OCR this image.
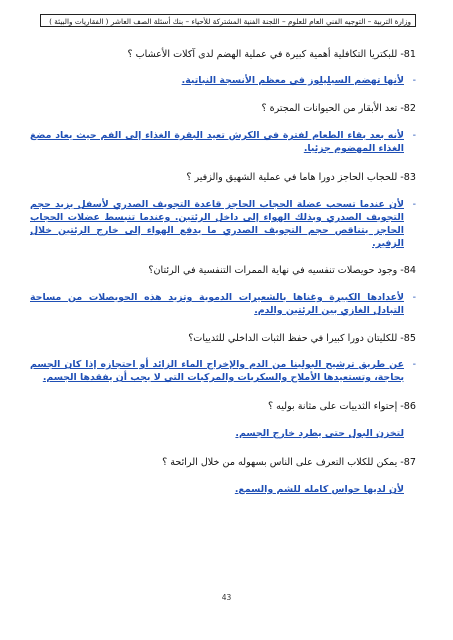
وزارة التربية – التوجيه الفني العام للعلوم – اللجنة الفنية المشتركة للأحياء – بنك أسئلة الصف العاشر ( الفقاريات والبيئة )

81- للبكتريا التكافلية أهمية كبيرة في عملية الهضم لدى آكلات الأعشاب ؟

-
لأنها تهضم السيليلوز في معظم الأنسجة النباتية.

82- تعد الأبقار من الحيوانات المجترة ؟

-
لأنه بعد بقاء الطعام لفترة في الكرش تعيد البقرة الغذاء إلى الفم حيث يعاد مضغ الغذاء المهضوم جزئيا.

83- للحجاب الحاجز دورا هاما في عملية الشهيق والزفير ؟

-
لأن عندما تسحب عضلة الحجاب الحاجز قاعدة التجويف الصدري لأسفل يزيد حجم التجويف الصدري وبذلك الهواء إلى داخل الرئتين. وعندما تنبسط عضلات الحجاب الحاجز يتناقص حجم التجويف الصدري ما يدفع الهواء إلى خارج الرئتين خلال الزفير.

84- وجود حويصلات تنفسيه في نهاية الممرات التنفسية في الرئتان؟

-
لأعدادها الكبيرة وغناها بالشعيرات الدموية وتزيد هذه الحويصلات من مساحة التبادل الغازي بين الرئتين والدم.

85- للكليتان دورا كبيرا في حفظ الثبات الداخلي للثدييات؟

-
عن طريق ترشيح البولينا من الدم والإخراج الماء الزائد أو احتجازه إذا كان الجسم بحاجة، وتستعيدها الأملاح والسكريات والمركبات التي لا يجب أن يفقدها الجسم.

86- إحتواء الثدييات على مثانة بوليه ؟

لتخزن البول حتى يطرد خارج الجسم.

87- يمكن للكلاب التعرف على الناس بسهوله من خلال الرائحة ؟

لأن لديها حواس كامله للشم والسمع.

43
